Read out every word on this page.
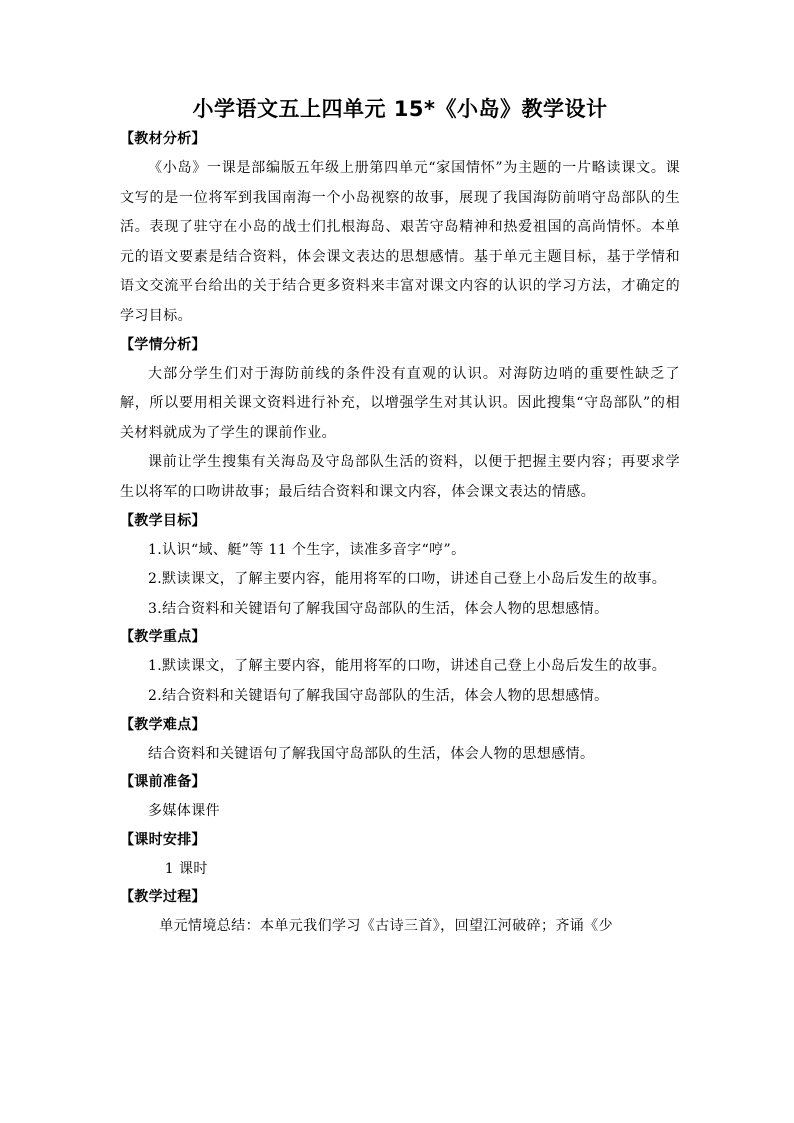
小学语文五上四单元 15*《小岛》教学设计
【教材分析】

《小岛》一课是部编版五年级上册第四单元“家国情怀”为主题的一片略读课文。课文写的是一位将军到我国南海一个小岛视察的故事，展现了我国海防前哨守岛部队的生活。表现了驻守在小岛的战士们扎根海岛、艰苦守岛精神和热爱祖国的高尚情怀。本单元的语文要素是结合资料，体会课文表达的思想感情。基于单元主题目标，基于学情和语文交流平台给出的关于结合更多资料来丰富对课文内容的认识的学习方法，才确定的学习目标。

【学情分析】

大部分学生们对于海防前线的条件没有直观的认识。对海防边哨的重要性缺乏了解，所以要用相关课文资料进行补充，以增强学生对其认识。因此搜集“守岛部队”的相关材料就成为了学生的课前作业。

课前让学生搜集有关海岛及守岛部队生活的资料，以便于把握主要内容；再要求学生以将军的口吻讲故事；最后结合资料和课文内容，体会课文表达的情感。

【教学目标】

1.认识“域、艇”等 11 个生字，读准多音字“哼”。

2.默读课文，了解主要内容，能用将军的口吻，讲述自己登上小岛后发生的故事。

3.结合资料和关键语句了解我国守岛部队的生活，体会人物的思想感情。

【教学重点】

1.默读课文，了解主要内容，能用将军的口吻，讲述自己登上小岛后发生的故事。

2.结合资料和关键语句了解我国守岛部队的生活，体会人物的思想感情。

【教学难点】

结合资料和关键语句了解我国守岛部队的生活，体会人物的思想感情。

【课前准备】

多媒体课件

【课时安排】

1 课时

【教学过程】

单元情境总结：本单元我们学习《古诗三首》，回望江河破碎；齐诵《少
